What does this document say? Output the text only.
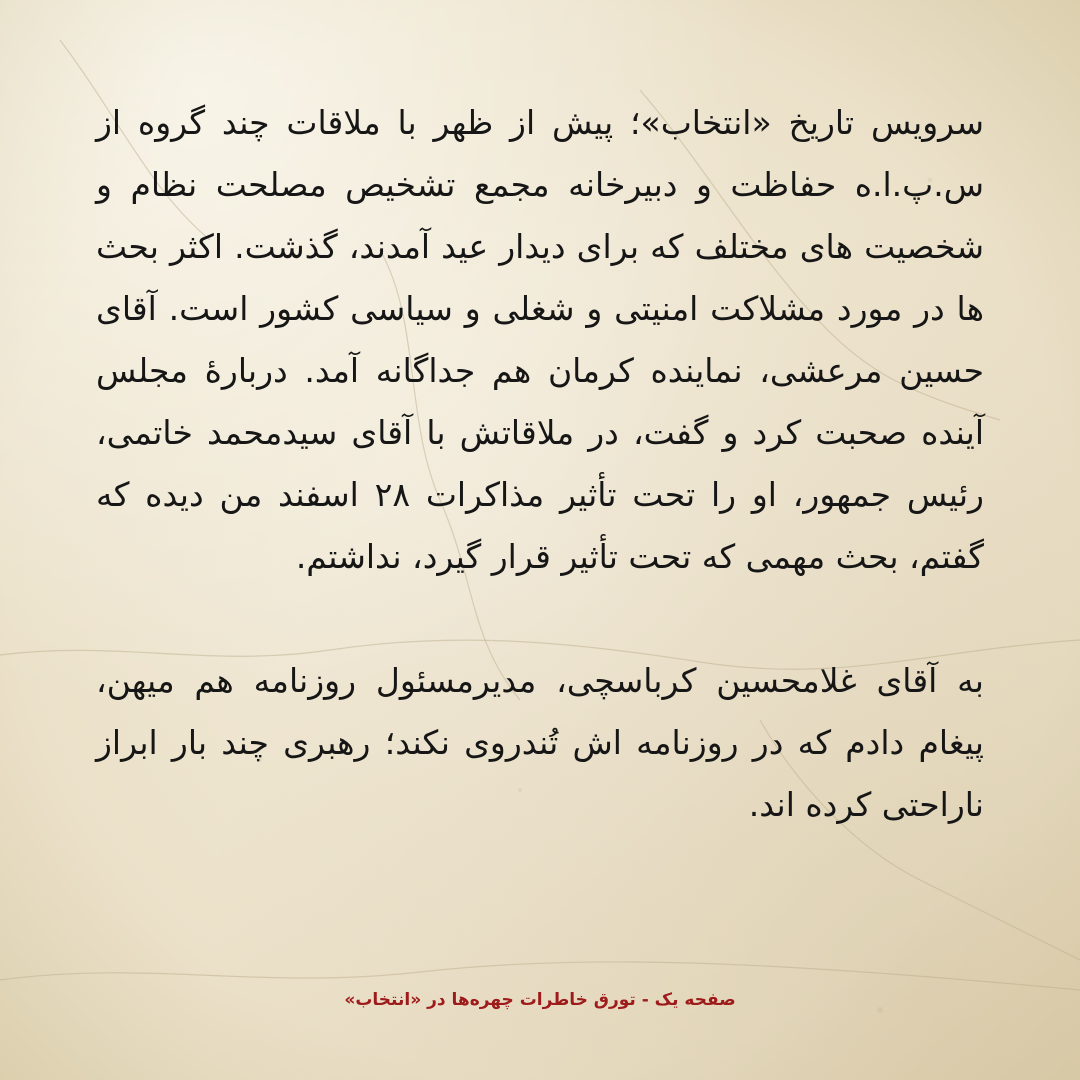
سرویس تاریخ «انتخاب»؛ پیش از ظهر با ملاقات چند گروه از س.پ.ا.ه حفاظت و دبیرخانه مجمع تشخیص مصلحت نظام و شخصیت های مختلف که برای دیدار عید آمدند، گذشت. اکثر بحث ها در مورد مشلاکت امنیتی و شغلی و سیاسی کشور است. آقای حسین مرعشی، نماینده کرمان هم جداگانه آمد. دربارۀ مجلس آینده صحبت کرد و گفت، در ملاقاتش با آقای سیدمحمد خاتمی، رئیس جمهور، او را تحت تأثیر مذاکرات ۲۸ اسفند من دیده که گفتم، بحث مهمی که تحت تأثیر قرار گیرد، نداشتم.

به آقای غلامحسین کرباسچی، مدیرمسئول روزنامه هم میهن، پیغام دادم که در روزنامه اش تُندروی نکند؛ رهبری چند بار ابراز ناراحتی کرده اند.

صفحه یک - تورق خاطرات چهره‌ها در «انتخاب»
